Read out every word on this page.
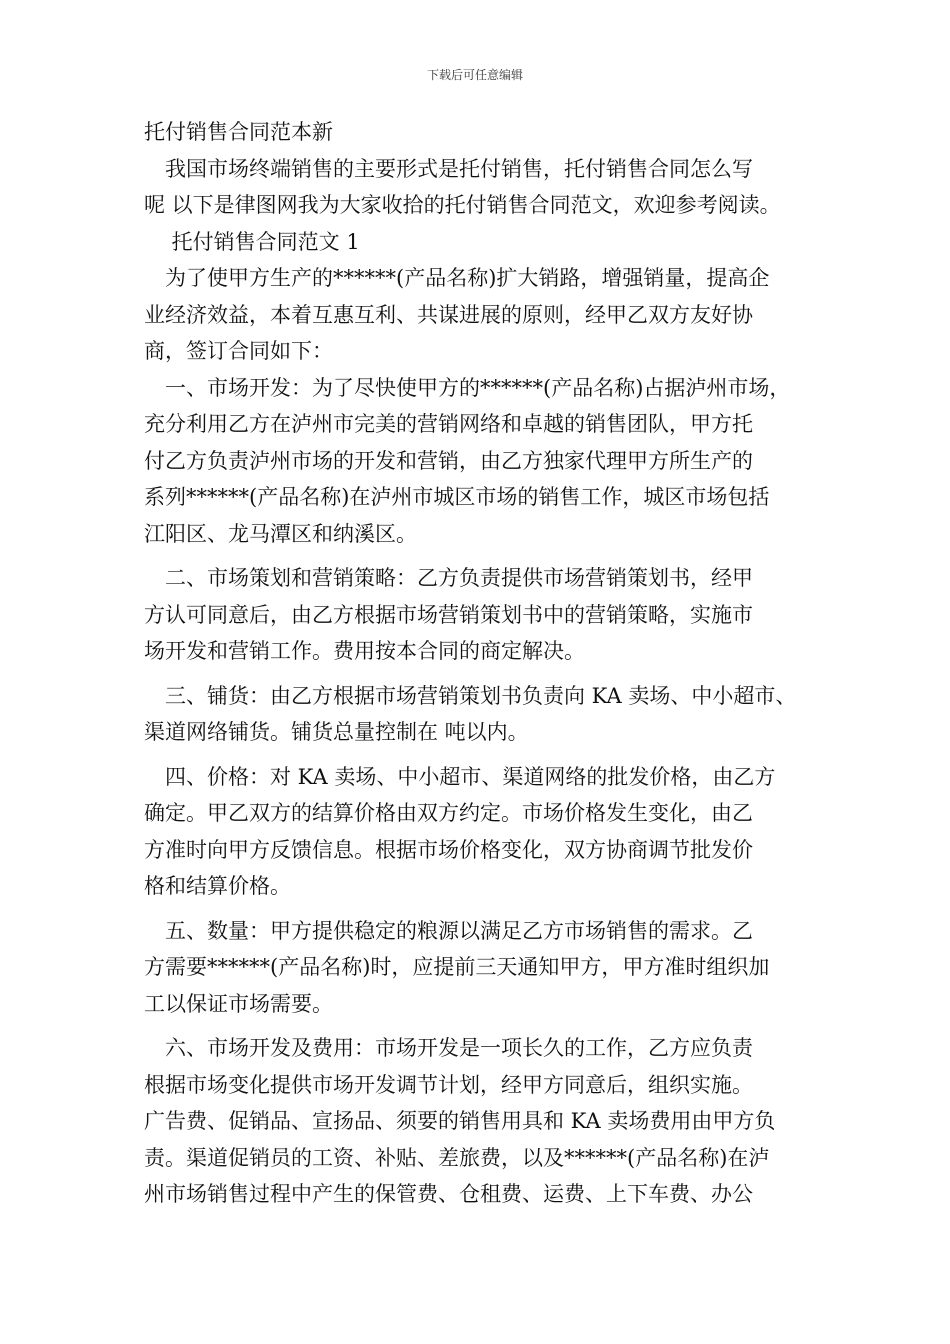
下载后可任意编辑
托付销售合同范本新
　我国市场终端销售的主要形式是托付销售，托付销售合同怎么写
呢 以下是律图网我为大家收拾的托付销售合同范文，欢迎参考阅读。
　 托付销售合同范文 1
　为了使甲方生产的******(产品名称)扩大销路，增强销量，提高企
业经济效益，本着互惠互利、共谋进展的原则，经甲乙双方友好协
商，签订合同如下：
　一、市场开发：为了尽快使甲方的******(产品名称)占据泸州市场，
充分利用乙方在泸州市完美的营销网络和卓越的销售团队，甲方托
付乙方负责泸州市场的开发和营销，由乙方独家代理甲方所生产的
系列******(产品名称)在泸州市城区市场的销售工作，城区市场包括
江阳区、龙马潭区和纳溪区。
　二、市场策划和营销策略：乙方负责提供市场营销策划书，经甲
方认可同意后，由乙方根据市场营销策划书中的营销策略，实施市
场开发和营销工作。费用按本合同的商定解决。
　三、铺货：由乙方根据市场营销策划书负责向 KA 卖场、中小超市、
渠道网络铺货。铺货总量控制在 吨以内。
　四、价格：对 KA 卖场、中小超市、渠道网络的批发价格，由乙方
确定。甲乙双方的结算价格由双方约定。市场价格发生变化，由乙
方准时向甲方反馈信息。根据市场价格变化，双方协商调节批发价
格和结算价格。
　五、数量：甲方提供稳定的粮源以满足乙方市场销售的需求。乙
方需要******(产品名称)时，应提前三天通知甲方，甲方准时组织加
工以保证市场需要。
　六、市场开发及费用：市场开发是一项长久的工作，乙方应负责
根据市场变化提供市场开发调节计划，经甲方同意后，组织实施。
广告费、促销品、宣扬品、须要的销售用具和 KA 卖场费用由甲方负
责。渠道促销员的工资、补贴、差旅费，以及******(产品名称)在泸
州市场销售过程中产生的保管费、仓租费、运费、上下车费、办公
